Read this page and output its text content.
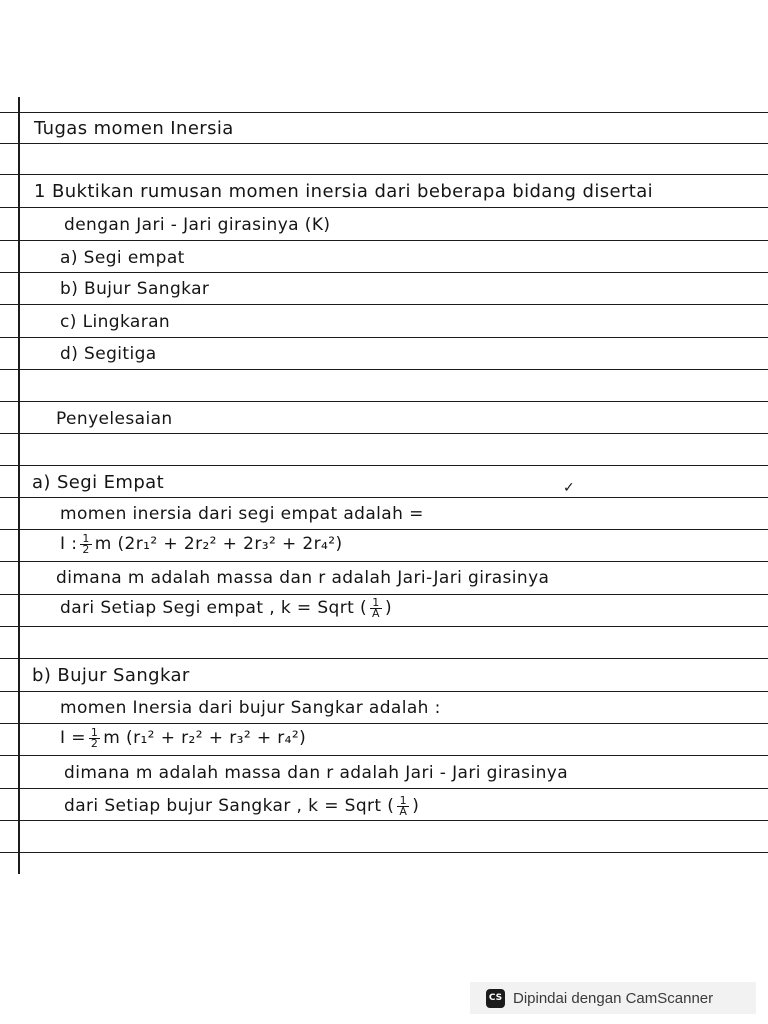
Tugas momen Inersia

1 Buktikan rumusan momen inersia dari beberapa bidang disertai

dengan Jari - Jari girasinya (K)

a) Segi empat

b) Bujur Sangkar

c) Lingkaran

d) Segitiga

Penyelesaian

a) Segi Empat	✓

momen inersia dari segi empat adalah =

I : $\frac{1}{2}$ m (2r₁² + 2r₂² + 2r₃² + 2r₄²)

dimana m adalah massa dan r adalah Jari-Jari girasinya

dari Setiap Segi empat , k = Sqrt ( $\frac{1}{A}$ )

b) Bujur Sangkar

momen Inersia dari bujur Sangkar adalah :

$I = \frac{1}{2}$ m (r₁² + r₂² + r₃² + r₄²)

dimana m adalah massa dan r adalah Jari - Jari girasinya

dari Setiap bujur Sangkar , k = Sqrt ( $\frac{1}{A}$ )

CS Dipindai dengan CamScanner
